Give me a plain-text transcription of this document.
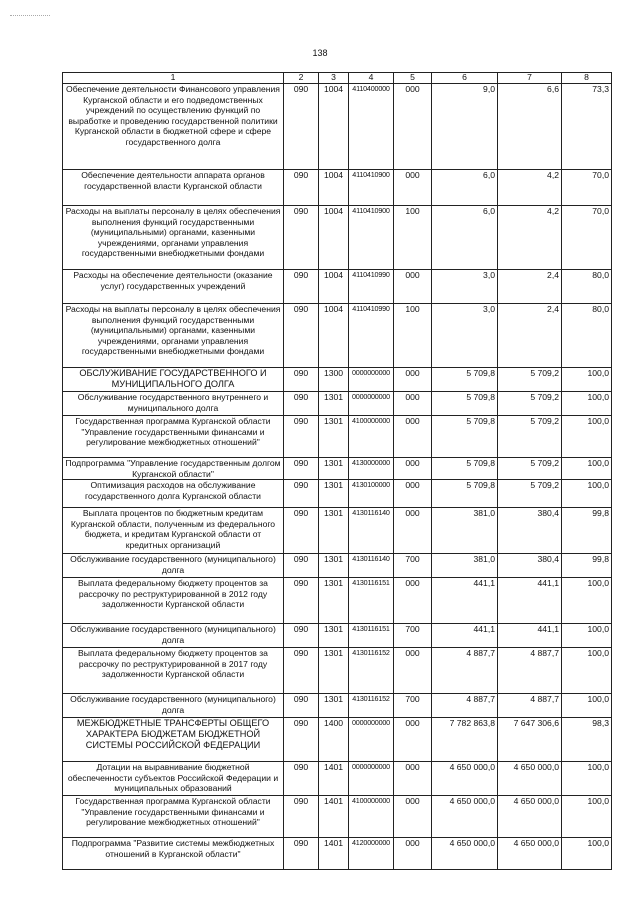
138
1	2	3	4	5	6	7	8
Обеспечение деятельности Финансового управления Курганской области и его подведомственных учреждений по осуществлению функций по выработке и проведению государственной политики Курганской области в бюджетной сфере и сфере государственного долга	090	1004	4110400000	000	9,0	6,6	73,3
Обеспечение деятельности аппарата органов государственной власти Курганской области	090	1004	4110410900	000	6,0	4,2	70,0
Расходы на выплаты персоналу в целях обеспечения выполнения функций государственными (муниципальными) органами, казенными учреждениями, органами управления государственными внебюджетными фондами	090	1004	4110410900	100	6,0	4,2	70,0
Расходы на обеспечение деятельности (оказание услуг) государственных учреждений	090	1004	4110410990	000	3,0	2,4	80,0
Расходы на выплаты персоналу в целях обеспечения выполнения функций государственными (муниципальными) органами, казенными учреждениями, органами управления государственными внебюджетными фондами	090	1004	4110410990	100	3,0	2,4	80,0
ОБСЛУЖИВАНИЕ ГОСУДАРСТВЕННОГО И МУНИЦИПАЛЬНОГО ДОЛГА	090	1300	0000000000	000	5 709,8	5 709,2	100,0
Обслуживание государственного внутреннего и муниципального долга	090	1301	0000000000	000	5 709,8	5 709,2	100,0
Государственная программа Курганской области "Управление государственными финансами и регулирование межбюджетных отношений"	090	1301	4100000000	000	5 709,8	5 709,2	100,0
Подпрограмма "Управление государственным долгом Курганской области"	090	1301	4130000000	000	5 709,8	5 709,2	100,0
Оптимизация расходов на обслуживание государственного долга Курганской области	090	1301	4130100000	000	5 709,8	5 709,2	100,0
Выплата процентов по бюджетным кредитам Курганской области, полученным из федерального бюджета, и кредитам Курганской области от кредитных организаций	090	1301	4130116140	000	381,0	380,4	99,8
Обслуживание государственного (муниципального) долга	090	1301	4130116140	700	381,0	380,4	99,8
Выплата федеральному бюджету процентов за рассрочку по реструктурированной в 2012 году задолженности Курганской области	090	1301	4130116151	000	441,1	441,1	100,0
Обслуживание государственного (муниципального) долга	090	1301	4130116151	700	441,1	441,1	100,0
Выплата федеральному бюджету процентов за рассрочку по реструктурированной в 2017 году задолженности Курганской области	090	1301	4130116152	000	4 887,7	4 887,7	100,0
Обслуживание государственного (муниципального) долга	090	1301	4130116152	700	4 887,7	4 887,7	100,0
МЕЖБЮДЖЕТНЫЕ ТРАНСФЕРТЫ ОБЩЕГО ХАРАКТЕРА БЮДЖЕТАМ БЮДЖЕТНОЙ СИСТЕМЫ РОССИЙСКОЙ ФЕДЕРАЦИИ	090	1400	0000000000	000	7 782 863,8	7 647 306,6	98,3
Дотации на выравнивание бюджетной обеспеченности субъектов Российской Федерации и муниципальных образований	090	1401	0000000000	000	4 650 000,0	4 650 000,0	100,0
Государственная программа Курганской области "Управление государственными финансами и регулирование межбюджетных отношений"	090	1401	4100000000	000	4 650 000,0	4 650 000,0	100,0
Подпрограмма "Развитие системы межбюджетных отношений в Курганской области"	090	1401	4120000000	000	4 650 000,0	4 650 000,0	100,0
